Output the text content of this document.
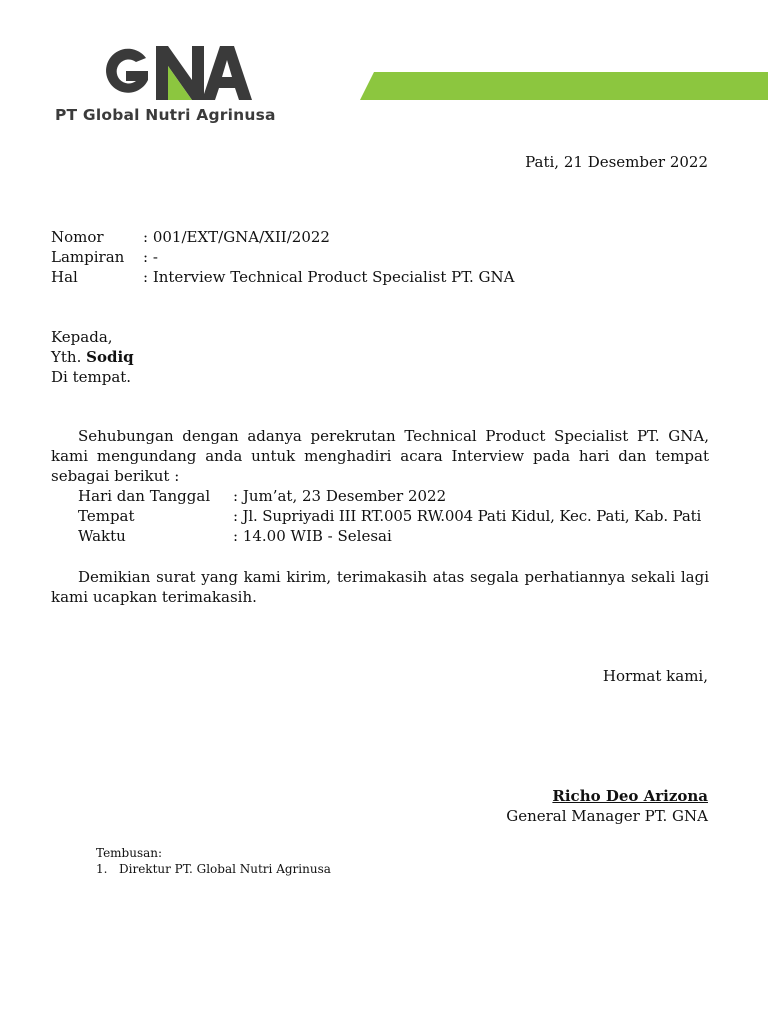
PT Global Nutri Agrinusa
Pati, 21 Desember 2022
Nomor	: 001/EXT/GNA/XII/2022
Lampiran : -
Hal	: Interview Technical Product Specialist PT. GNA
Kepada,
Yth. Sodiq
Di tempat.
Sehubungan dengan adanya perekrutan Technical Product Specialist PT. GNA,
kami mengundang anda untuk menghadiri acara Interview pada hari dan tempat
sebagai berikut :
Hari dan Tanggal : Jum’at, 23 Desember 2022
Tempat	: Jl. Supriyadi III RT.005 RW.004 Pati Kidul, Kec. Pati, Kab. Pati
Waktu	: 14.00 WIB - Selesai
Demikian surat yang kami kirim, terimakasih atas segala perhatiannya sekali lagi
kami ucapkan terimakasih.
Hormat kami,
Richo Deo Arizona
General Manager PT. GNA
Tembusan:
1. Direktur PT. Global Nutri Agrinusa
